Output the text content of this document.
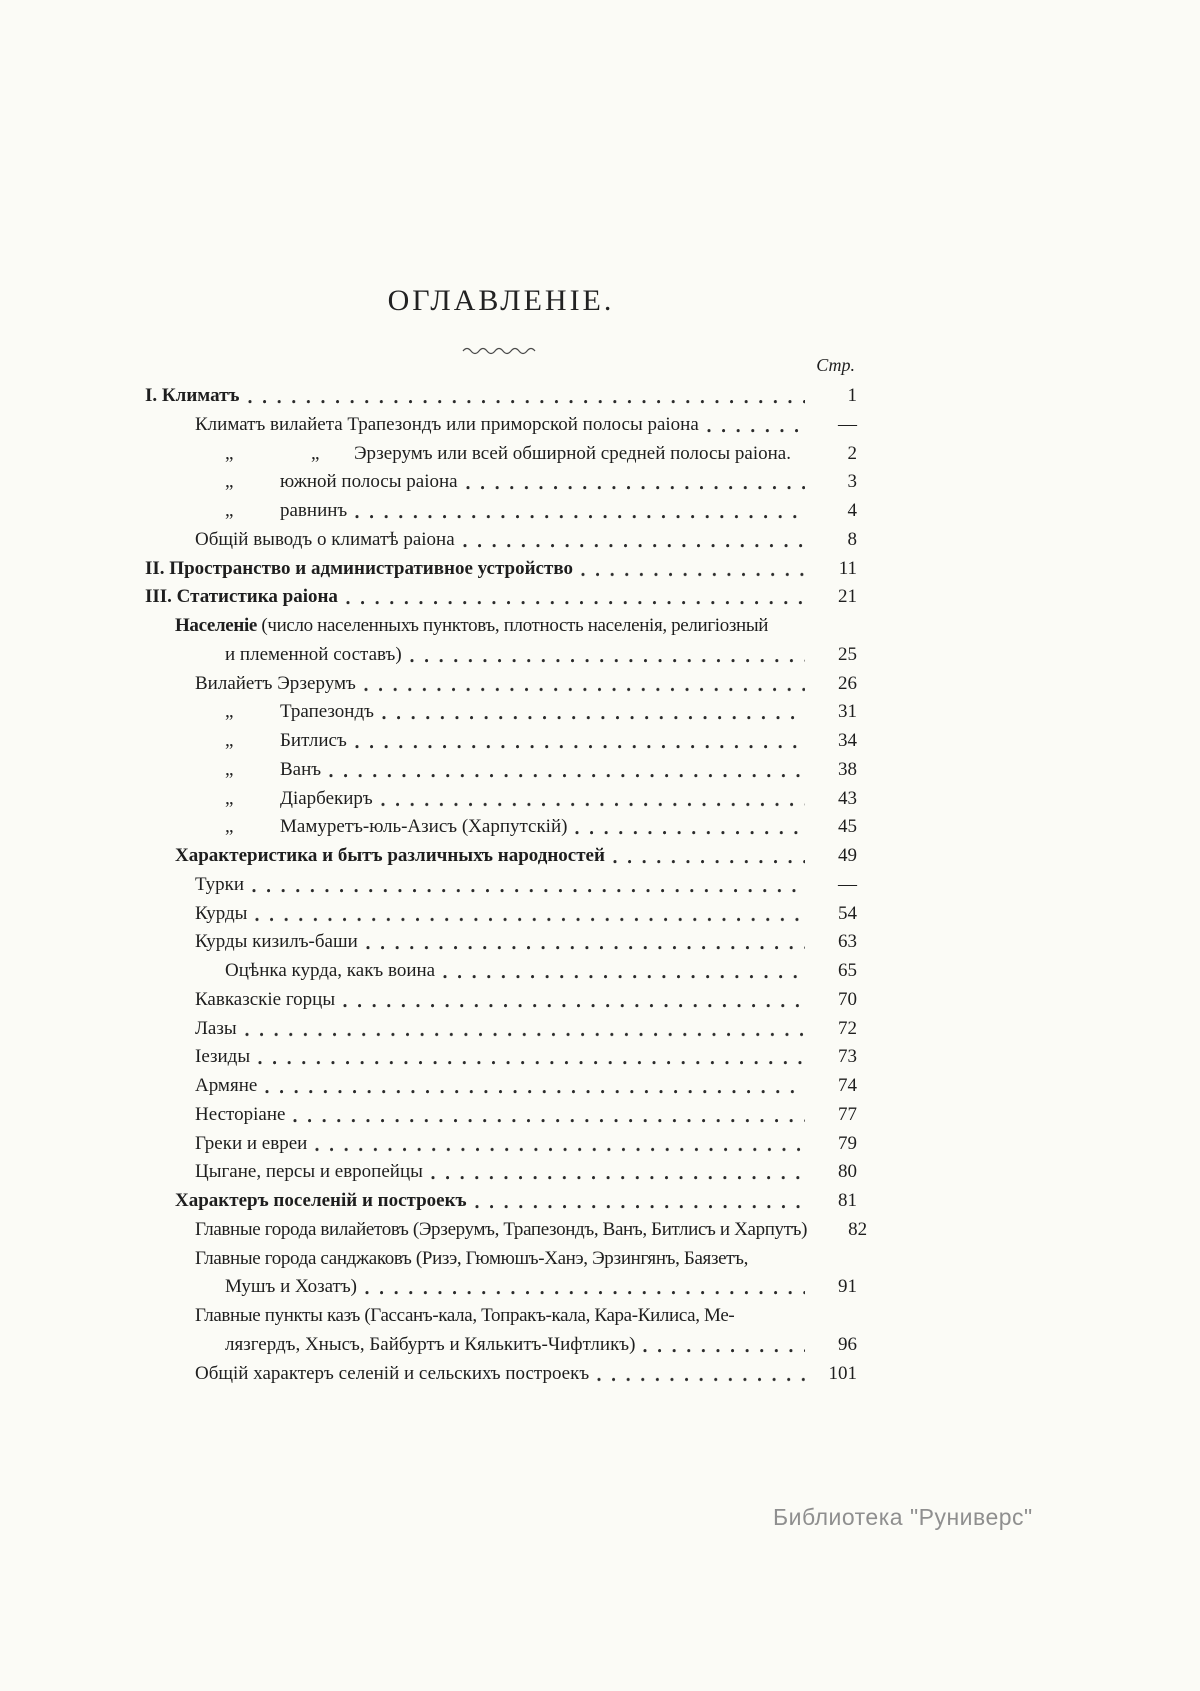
ОГЛАВЛЕНІЕ.
Стр.
I. Климатъ	1
Климатъ вилайета Трапезондъ или приморской полосы раіона	—
„	„ Эрзерумъ или всей обширной средней полосы раіона.	2
„ южной полосы раіона	3
„ равнинъ	4
Общій выводъ о климатѣ раіона	8
II. Пространство и административное устройство	11
III. Статистика раіона	21
Населеніе (число населенныхъ пунктовъ, плотность населенія, религіозный
и племенной составъ)	25
Вилайетъ Эрзерумъ	26
„ Трапезондъ	31
„ Битлисъ	34
„ Ванъ	38
„ Діарбекиръ	43
„ Мамуретъ-юль-Азисъ (Харпутскій)	45
Характеристика и бытъ различныхъ народностей	49
Турки	—
Курды	54
Курды кизилъ-баши	63
Оцѣнка курда, какъ воина	65
Кавказскіе горцы	70
Лазы	72
Іезиды	73
Армяне	74
Несторіане	77
Греки и евреи	79
Цыгане, персы и европейцы	80
Характеръ поселеній и построекъ	81
Главные города вилайетовъ (Эрзерумъ, Трапезондъ, Ванъ, Битлисъ и Харпутъ)	82
Главные города санджаковъ (Ризэ, Гюмюшъ-Ханэ, Эрзингянъ, Баязетъ,
Мушъ и Хозатъ)	91
Главные пункты казъ (Гассанъ-кала, Топракъ-кала, Кара-Килиса, Ме-
лязгердъ, Хнысъ, Байбуртъ и Кялькитъ-Чифтликъ)	96
Общій характеръ селеній и сельскихъ построекъ	101
Библиотека "Руниверс"
